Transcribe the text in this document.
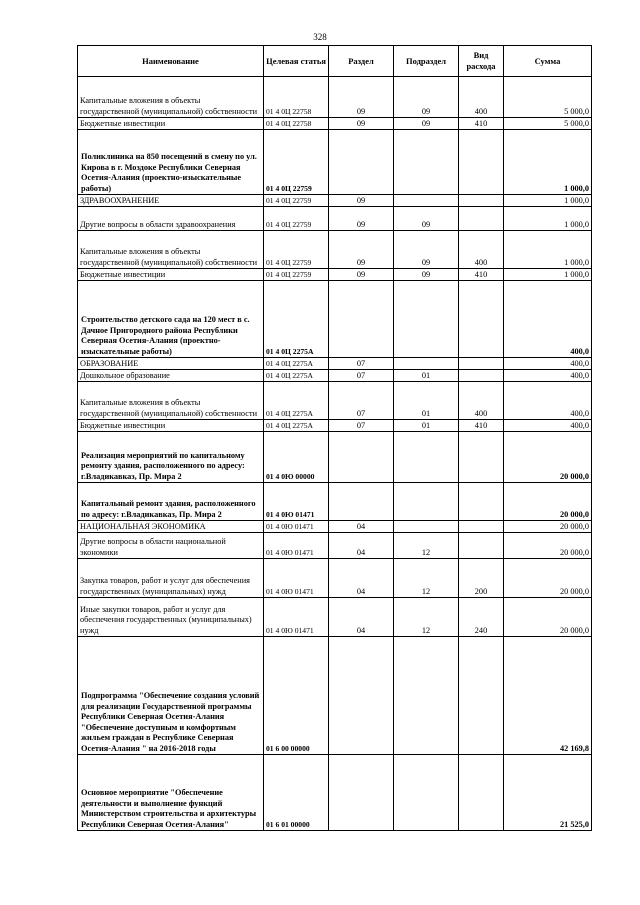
328
Наименование	Целевая статья	Раздел	Подраздел	Вид расхода	Сумма
Капитальные вложения в объекты государственной (муниципальной) собственности	01 4 0Ц 22758	09	09	400	5 000,0
Бюджетные инвестиции	01 4 0Ц 22758	09	09	410	5 000,0
Поликлиника на 850 посещений в смену по ул. Кирова в г. Моздоке Республики Северная Осетия-Алания (проектно-изыскательные работы)	01 4 0Ц 22759				1 000,0
ЗДРАВООХРАНЕНИЕ	01 4 0Ц 22759	09			1 000,0
Другие вопросы в области здравоохранения	01 4 0Ц 22759	09	09		1 000,0
Капитальные вложения в объекты государственной (муниципальной) собственности	01 4 0Ц 22759	09	09	400	1 000,0
Бюджетные инвестиции	01 4 0Ц 22759	09	09	410	1 000,0
Строительство детского сада на 120 мест в с. Дачное Пригородного района Республики Северная Осетия-Алания (проектно-изыскательные работы)	01 4 0Ц 2275А				400,0
ОБРАЗОВАНИЕ	01 4 0Ц 2275А	07			400,0
Дошкольное образование	01 4 0Ц 2275А	07	01		400,0
Капитальные вложения в объекты государственной (муниципальной) собственности	01 4 0Ц 2275А	07	01	400	400,0
Бюджетные инвестиции	01 4 0Ц 2275А	07	01	410	400,0
Реализация мероприятий по капитальному ремонту здания, расположенного по адресу: г.Владикавказ, Пр. Мира 2	01 4 0Ю 00000				20 000,0
Капитальный ремонт здания, расположенного по адресу: г.Владикавказ, Пр. Мира 2	01 4 0Ю 01471				20 000,0
НАЦИОНАЛЬНАЯ ЭКОНОМИКА	01 4 0Ю 01471	04			20 000,0
Другие вопросы в области национальной экономики	01 4 0Ю 01471	04	12		20 000,0
Закупка товаров, работ и услуг для обеспечения государственных (муниципальных) нужд	01 4 0Ю 01471	04	12	200	20 000,0
Иные закупки товаров, работ и услуг для обеспечения государственных (муниципальных) нужд	01 4 0Ю 01471	04	12	240	20 000,0
Подпрограмма "Обеспечение создания условий для реализации Государственной программы Республики Северная Осетия-Алания "Обеспечение доступным и комфортным жильем граждан в Республике Северная Осетия-Алания " на 2016-2018 годы	01 6 00 00000				42 169,8
Основное мероприятие "Обеспечение деятельности и выполнение функций Министерством строительства и архитектуры Республики Северная Осетия-Алания"	01 6 01 00000				21 525,0
